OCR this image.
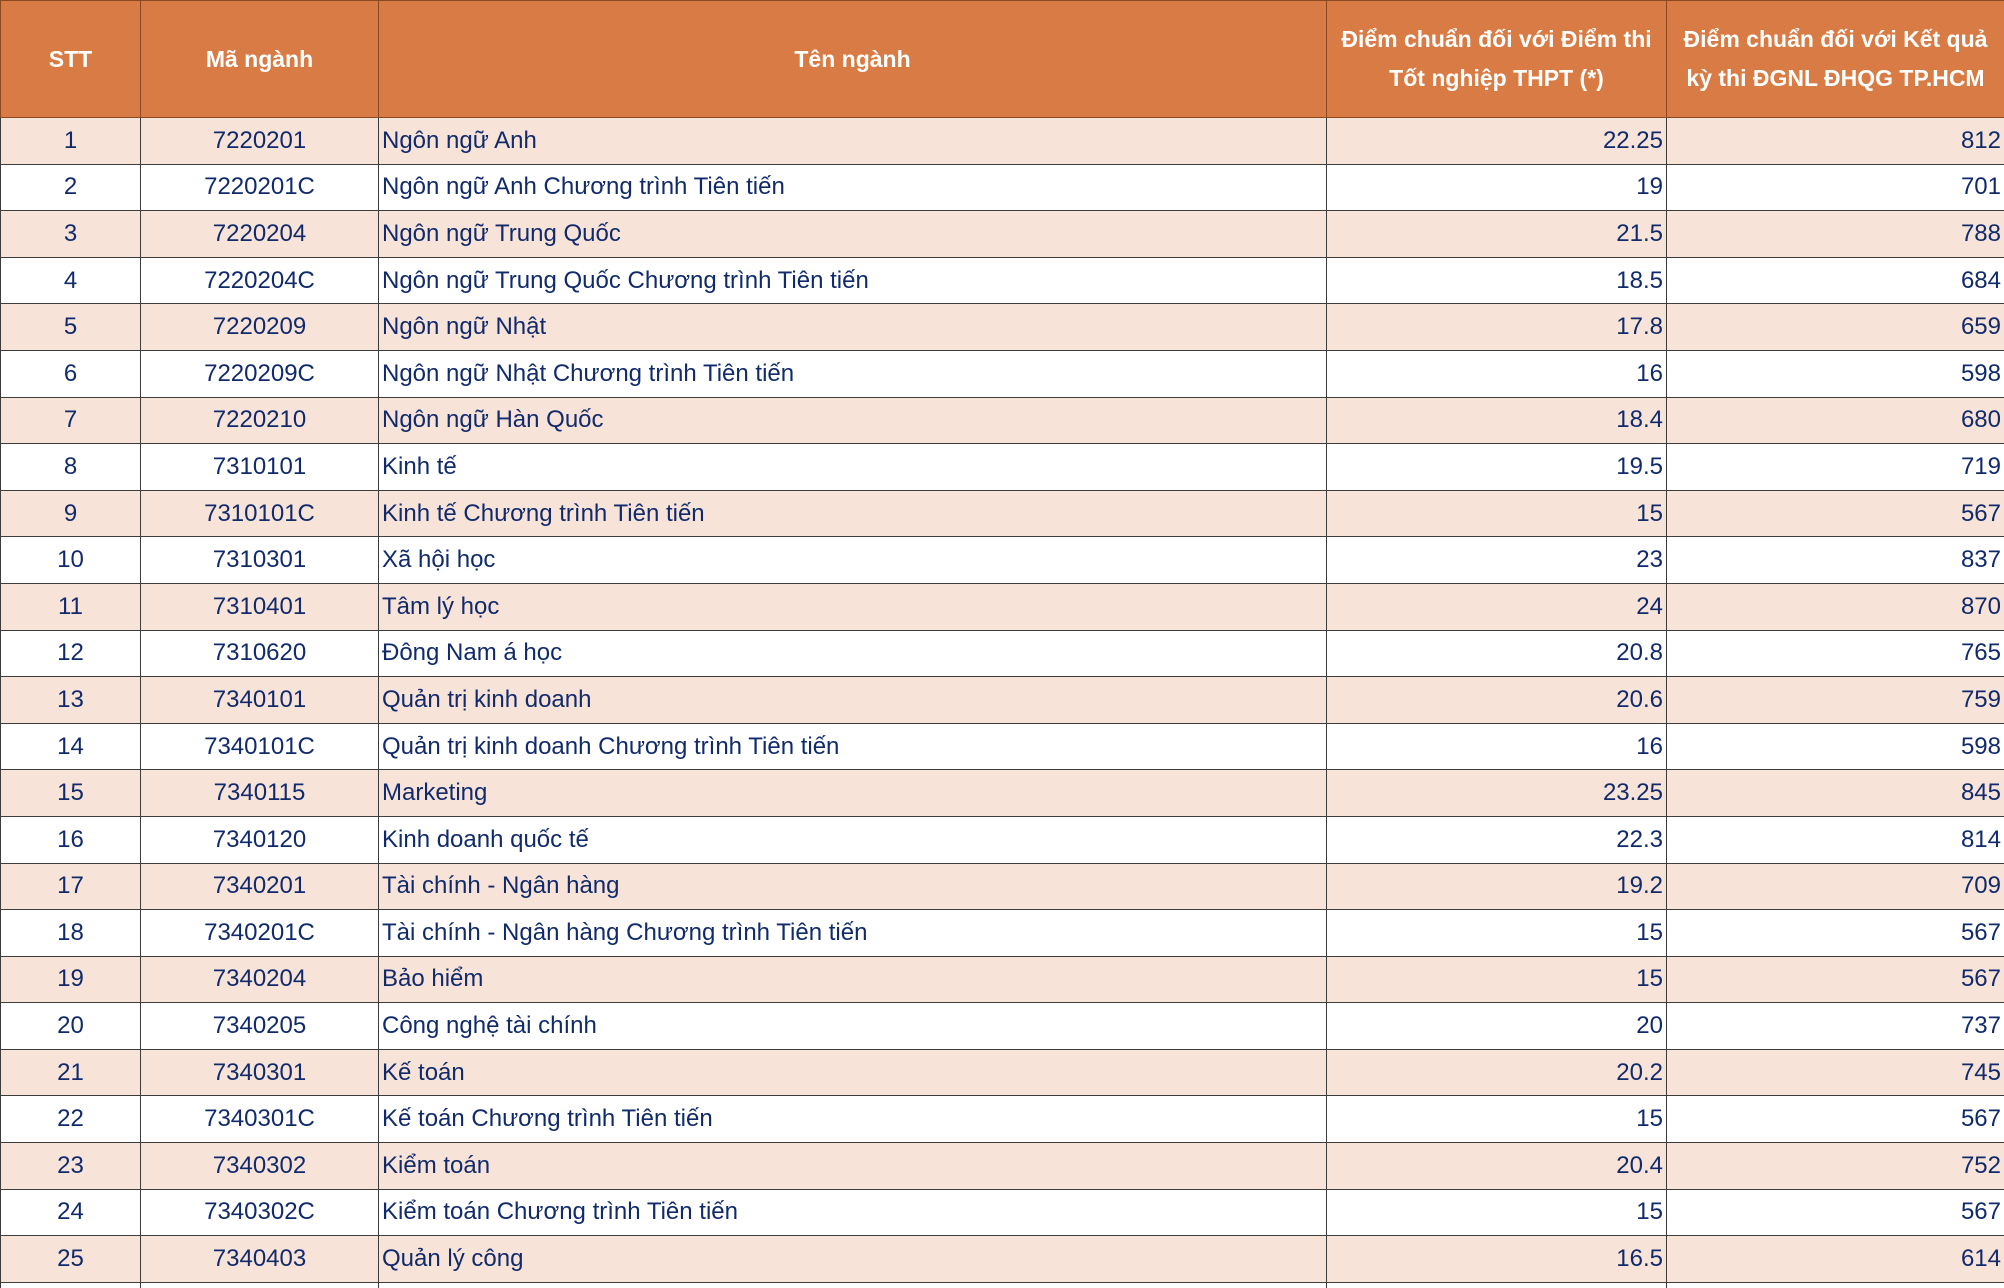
STT	Mã ngành	Tên ngành	Điểm chuẩn đối với Điểm thi Tốt nghiệp THPT (*)	Điểm chuẩn đối với Kết quả kỳ thi ĐGNL ĐHQG TP.HCM
1	7220201	Ngôn ngữ Anh	22.25	812
2	7220201C	Ngôn ngữ Anh Chương trình Tiên tiến	19	701
3	7220204	Ngôn ngữ Trung Quốc	21.5	788
4	7220204C	Ngôn ngữ Trung Quốc Chương trình Tiên tiến	18.5	684
5	7220209	Ngôn ngữ Nhật	17.8	659
6	7220209C	Ngôn ngữ Nhật Chương trình Tiên tiến	16	598
7	7220210	Ngôn ngữ Hàn Quốc	18.4	680
8	7310101	Kinh tế	19.5	719
9	7310101C	Kinh tế Chương trình Tiên tiến	15	567
10	7310301	Xã hội học	23	837
11	7310401	Tâm lý học	24	870
12	7310620	Đông Nam á học	20.8	765
13	7340101	Quản trị kinh doanh	20.6	759
14	7340101C	Quản trị kinh doanh Chương trình Tiên tiến	16	598
15	7340115	Marketing	23.25	845
16	7340120	Kinh doanh quốc tế	22.3	814
17	7340201	Tài chính - Ngân hàng	19.2	709
18	7340201C	Tài chính - Ngân hàng Chương trình Tiên tiến	15	567
19	7340204	Bảo hiểm	15	567
20	7340205	Công nghệ tài chính	20	737
21	7340301	Kế toán	20.2	745
22	7340301C	Kế toán Chương trình Tiên tiến	15	567
23	7340302	Kiểm toán	20.4	752
24	7340302C	Kiểm toán Chương trình Tiên tiến	15	567
25	7340403	Quản lý công	16.5	614
